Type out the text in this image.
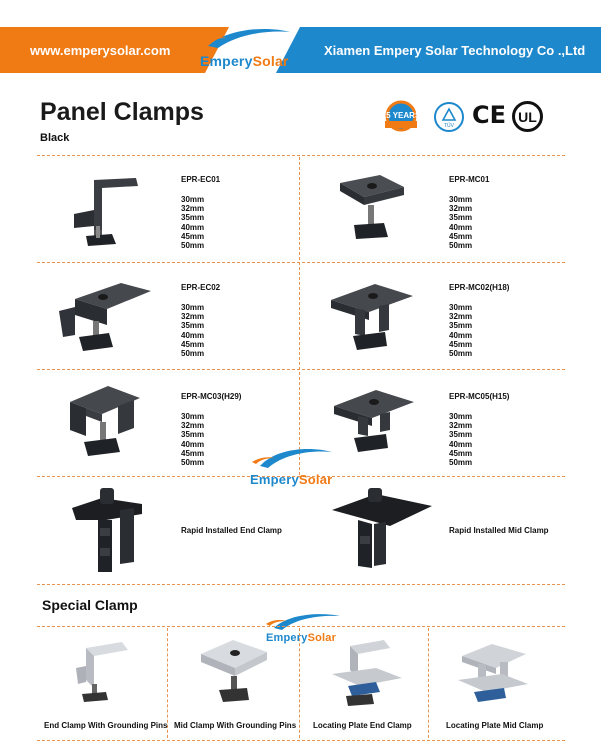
www.emperysolar.com	Xiamen Empery Solar Technology Co .,Ltd
EmperySolar
Panel Clamps
Black
15 YEARS
TÜV CE UL
EPR-EC01
30mm
32mm
35mm
40mm
45mm
50mm
EPR-MC01
30mm
32mm
35mm
40mm
45mm
50mm
EPR-EC02
30mm
32mm
35mm
40mm
45mm
50mm
EPR-MC02(H18)
30mm
32mm
35mm
40mm
45mm
50mm
EPR-MC03(H29)
30mm
32mm
35mm
40mm
45mm
50mm
EPR-MC05(H15)
30mm
32mm
35mm
40mm
45mm
50mm
EmperySolar
Rapid Installed End Clamp	Rapid Installed Mid Clamp
Special Clamp
EmperySolar
End Clamp With Grounding Pins Mid Clamp With Grounding Pins Locating Plate End Clamp	Locating Plate Mid Clamp
